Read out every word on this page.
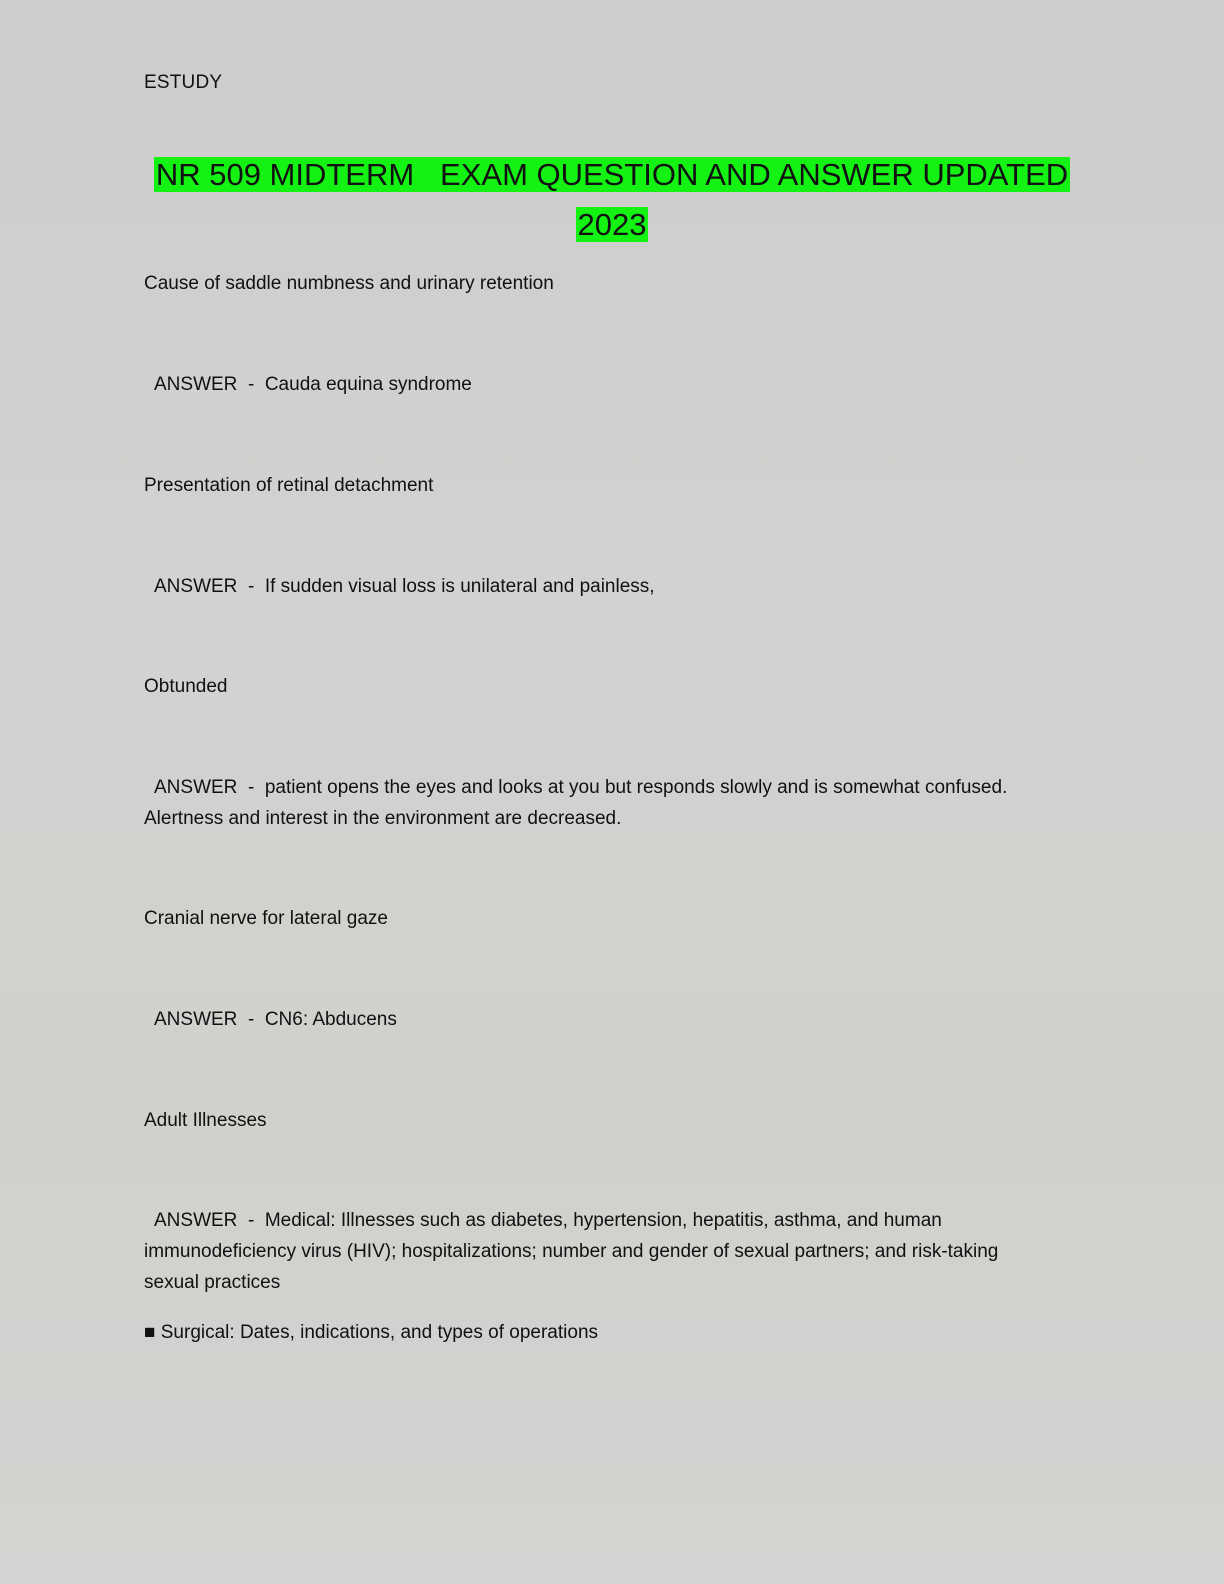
ESTUDY
NR 509 MIDTERM   EXAM QUESTION AND ANSWER UPDATED
2023
Cause of saddle numbness and urinary retention
ANSWER  -  Cauda equina syndrome
Presentation of retinal detachment
ANSWER  -  If sudden visual loss is unilateral and painless,
Obtunded
ANSWER  -  patient opens the eyes and looks at you but responds slowly and is somewhat confused.
Alertness and interest in the environment are decreased.
Cranial nerve for lateral gaze
ANSWER  -  CN6: Abducens
Adult Illnesses
ANSWER  -  Medical: Illnesses such as diabetes, hypertension, hepatitis, asthma, and human
immunodeficiency virus (HIV); hospitalizations; number and gender of sexual partners; and risk-taking
sexual practices
■ Surgical: Dates, indications, and types of operations
